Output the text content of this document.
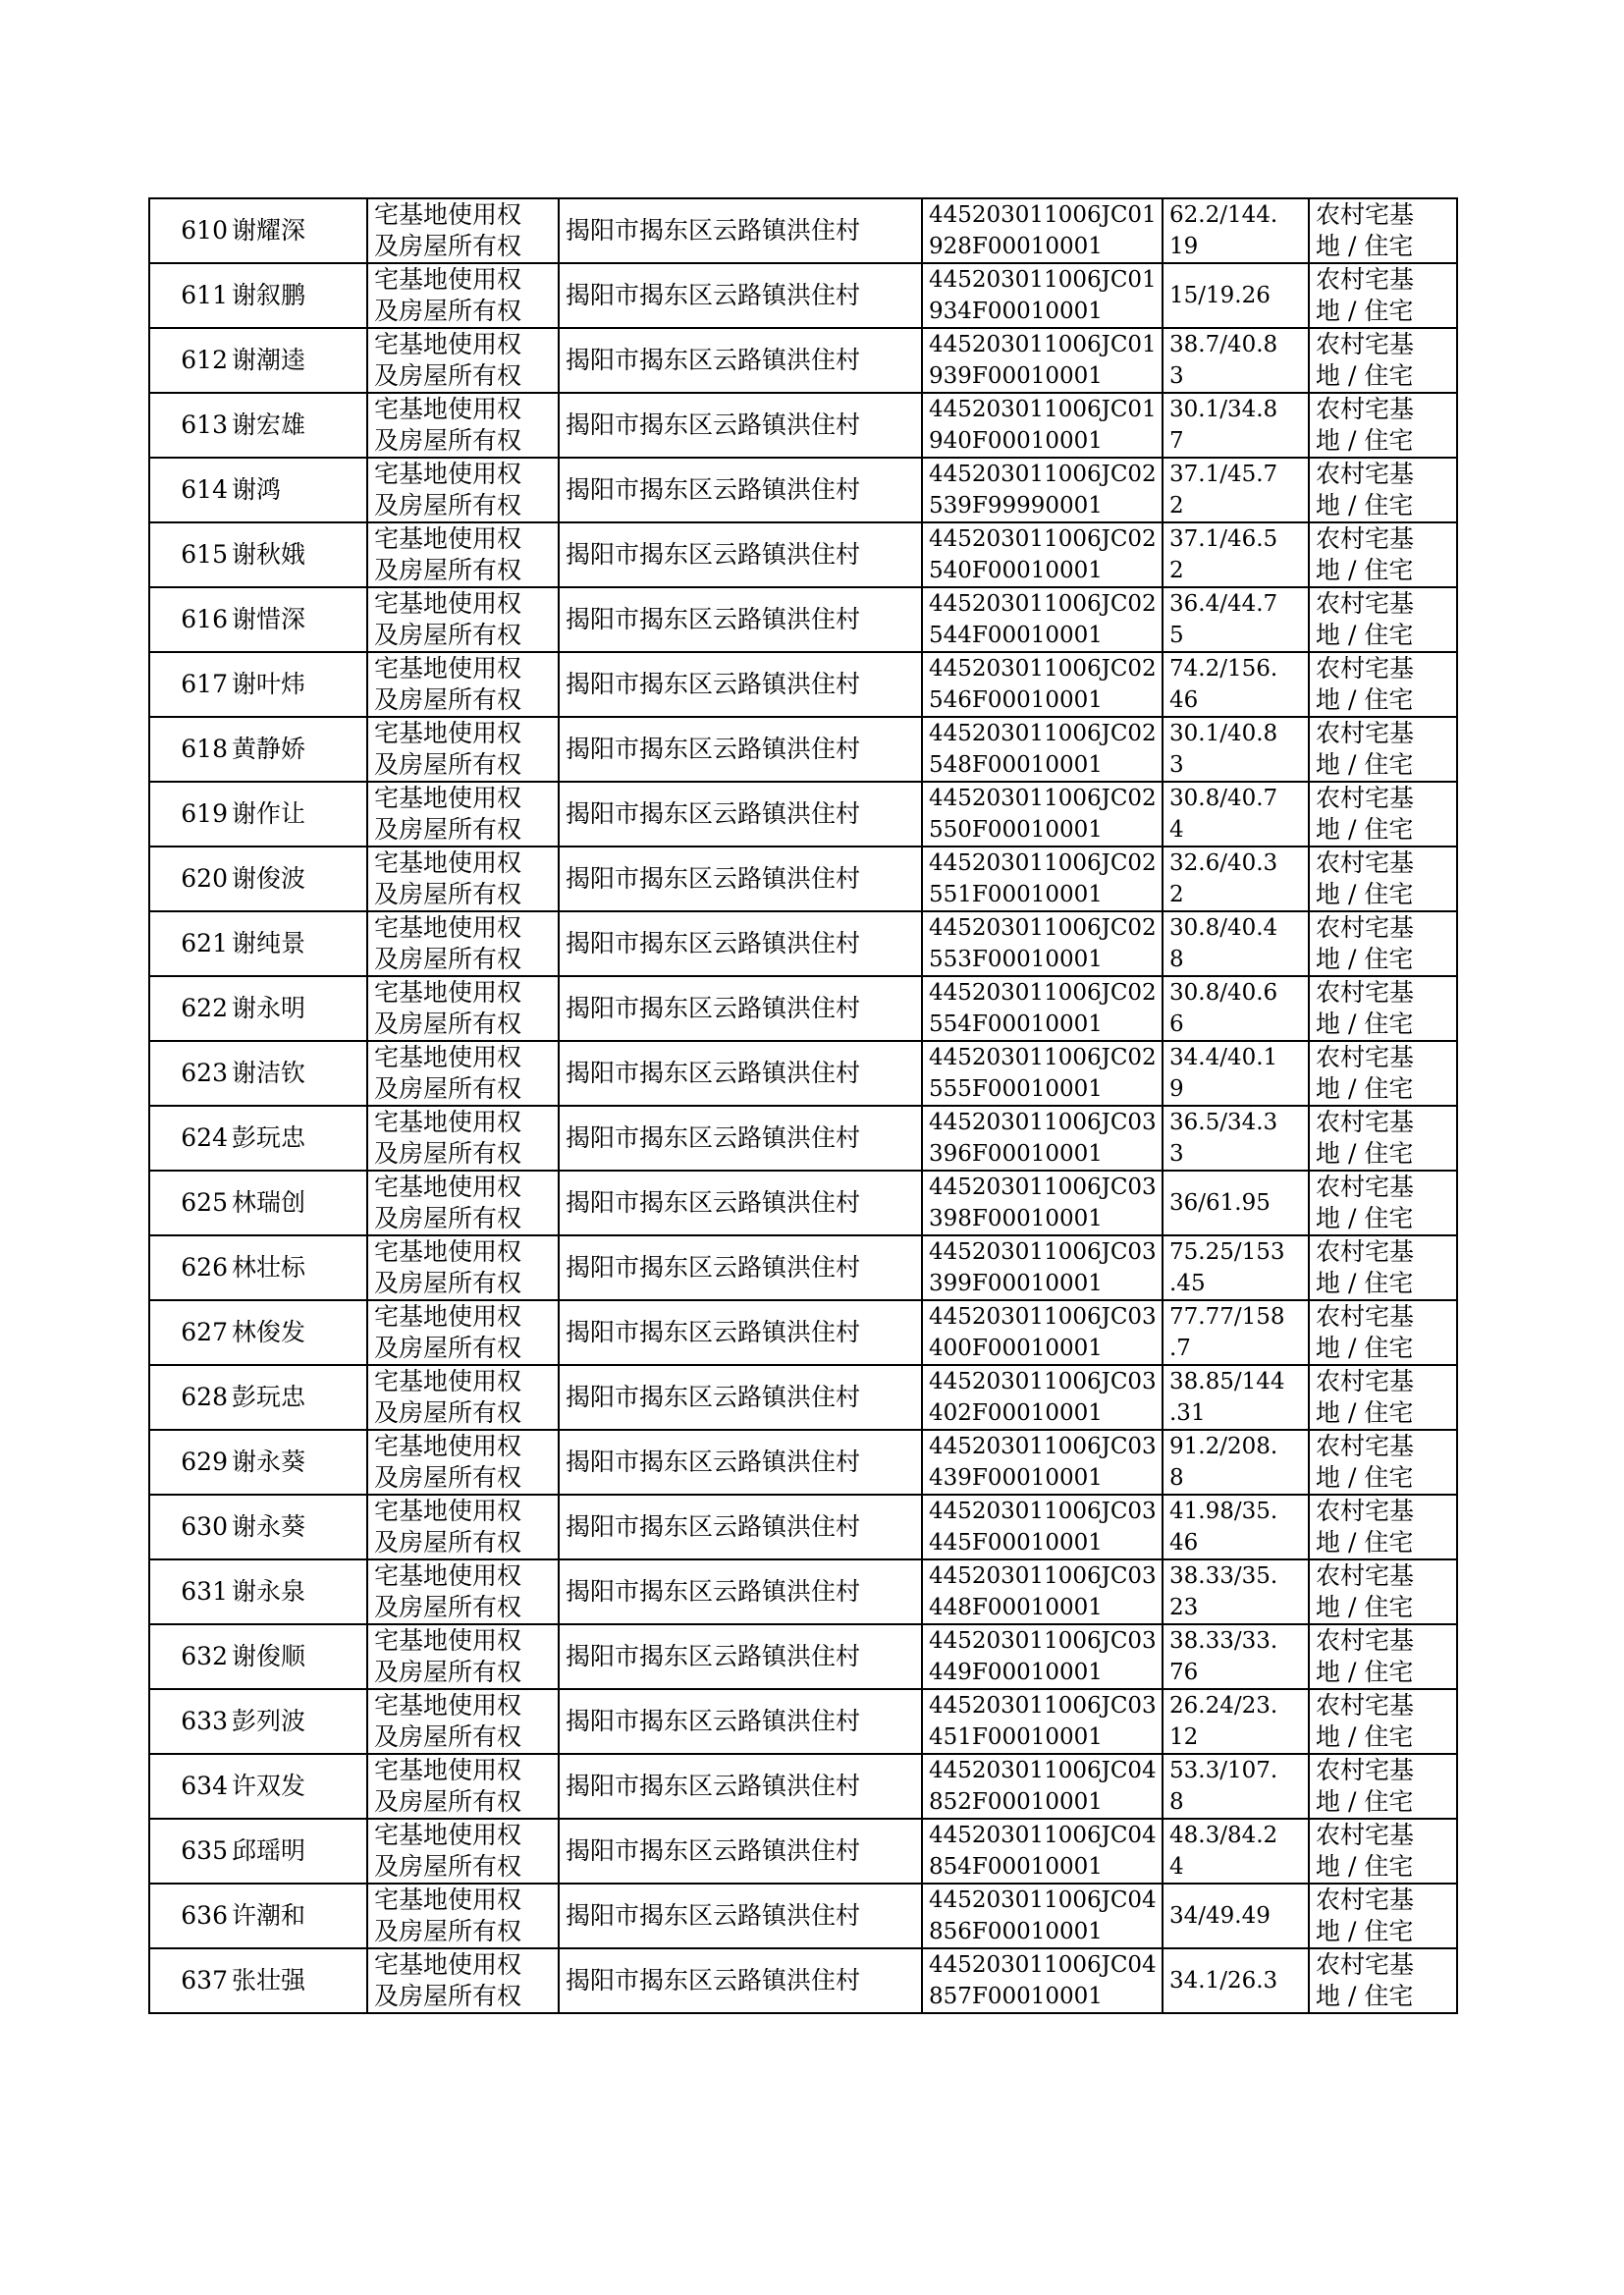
610	谢耀深	宅基地使用权
及房屋所有权	揭阳市揭东区云路镇洪住村	445203011006JC01
928F00010001	62.2/144.
19	农村宅基
地 / 住宅

611	谢叙鹏	宅基地使用权
及房屋所有权	揭阳市揭东区云路镇洪住村	445203011006JC01
934F00010001	15/19.26	农村宅基
地 / 住宅

612	谢潮逵	宅基地使用权
及房屋所有权	揭阳市揭东区云路镇洪住村	445203011006JC01
939F00010001	38.7/40.8
3	农村宅基
地 / 住宅

613	谢宏雄	宅基地使用权
及房屋所有权	揭阳市揭东区云路镇洪住村	445203011006JC01
940F00010001	30.1/34.8
7	农村宅基
地 / 住宅

614	谢鸿	宅基地使用权
及房屋所有权	揭阳市揭东区云路镇洪住村	445203011006JC02
539F99990001	37.1/45.7
2	农村宅基
地 / 住宅

615	谢秋娥	宅基地使用权
及房屋所有权	揭阳市揭东区云路镇洪住村	445203011006JC02
540F00010001	37.1/46.5
2	农村宅基
地 / 住宅

616	谢惜深	宅基地使用权
及房屋所有权	揭阳市揭东区云路镇洪住村	445203011006JC02
544F00010001	36.4/44.7
5	农村宅基
地 / 住宅

617	谢叶炜	宅基地使用权
及房屋所有权	揭阳市揭东区云路镇洪住村	445203011006JC02
546F00010001	74.2/156.
46	农村宅基
地 / 住宅

618	黄静娇	宅基地使用权
及房屋所有权	揭阳市揭东区云路镇洪住村	445203011006JC02
548F00010001	30.1/40.8
3	农村宅基
地 / 住宅

619	谢作让	宅基地使用权
及房屋所有权	揭阳市揭东区云路镇洪住村	445203011006JC02
550F00010001	30.8/40.7
4	农村宅基
地 / 住宅

620	谢俊波	宅基地使用权
及房屋所有权	揭阳市揭东区云路镇洪住村	445203011006JC02
551F00010001	32.6/40.3
2	农村宅基
地 / 住宅

621	谢纯景	宅基地使用权
及房屋所有权	揭阳市揭东区云路镇洪住村	445203011006JC02
553F00010001	30.8/40.4
8	农村宅基
地 / 住宅

622	谢永明	宅基地使用权
及房屋所有权	揭阳市揭东区云路镇洪住村	445203011006JC02
554F00010001	30.8/40.6
6	农村宅基
地 / 住宅

623	谢洁钦	宅基地使用权
及房屋所有权	揭阳市揭东区云路镇洪住村	445203011006JC02
555F00010001	34.4/40.1
9	农村宅基
地 / 住宅

624	彭玩忠	宅基地使用权
及房屋所有权	揭阳市揭东区云路镇洪住村	445203011006JC03
396F00010001	36.5/34.3
3	农村宅基
地 / 住宅

625	林瑞创	宅基地使用权
及房屋所有权	揭阳市揭东区云路镇洪住村	445203011006JC03
398F00010001	36/61.95	农村宅基
地 / 住宅

626	林壮标	宅基地使用权
及房屋所有权	揭阳市揭东区云路镇洪住村	445203011006JC03
399F00010001	75.25/153
.45	农村宅基
地 / 住宅

627	林俊发	宅基地使用权
及房屋所有权	揭阳市揭东区云路镇洪住村	445203011006JC03
400F00010001	77.77/158
.7	农村宅基
地 / 住宅

628	彭玩忠	宅基地使用权
及房屋所有权	揭阳市揭东区云路镇洪住村	445203011006JC03
402F00010001	38.85/144
.31	农村宅基
地 / 住宅

629	谢永葵	宅基地使用权
及房屋所有权	揭阳市揭东区云路镇洪住村	445203011006JC03
439F00010001	91.2/208.
8	农村宅基
地 / 住宅

630	谢永葵	宅基地使用权
及房屋所有权	揭阳市揭东区云路镇洪住村	445203011006JC03
445F00010001	41.98/35.
46	农村宅基
地 / 住宅

631	谢永泉	宅基地使用权
及房屋所有权	揭阳市揭东区云路镇洪住村	445203011006JC03
448F00010001	38.33/35.
23	农村宅基
地 / 住宅

632	谢俊顺	宅基地使用权
及房屋所有权	揭阳市揭东区云路镇洪住村	445203011006JC03
449F00010001	38.33/33.
76	农村宅基
地 / 住宅

633	彭列波	宅基地使用权
及房屋所有权	揭阳市揭东区云路镇洪住村	445203011006JC03
451F00010001	26.24/23.
12	农村宅基
地 / 住宅

634	许双发	宅基地使用权
及房屋所有权	揭阳市揭东区云路镇洪住村	445203011006JC04
852F00010001	53.3/107.
8	农村宅基
地 / 住宅

635	邱瑶明	宅基地使用权
及房屋所有权	揭阳市揭东区云路镇洪住村	445203011006JC04
854F00010001	48.3/84.2
4	农村宅基
地 / 住宅

636	许潮和	宅基地使用权
及房屋所有权	揭阳市揭东区云路镇洪住村	445203011006JC04
856F00010001	34/49.49	农村宅基
地 / 住宅

637	张壮强	宅基地使用权
及房屋所有权	揭阳市揭东区云路镇洪住村	445203011006JC04
857F00010001	34.1/26.3	农村宅基
地 / 住宅
